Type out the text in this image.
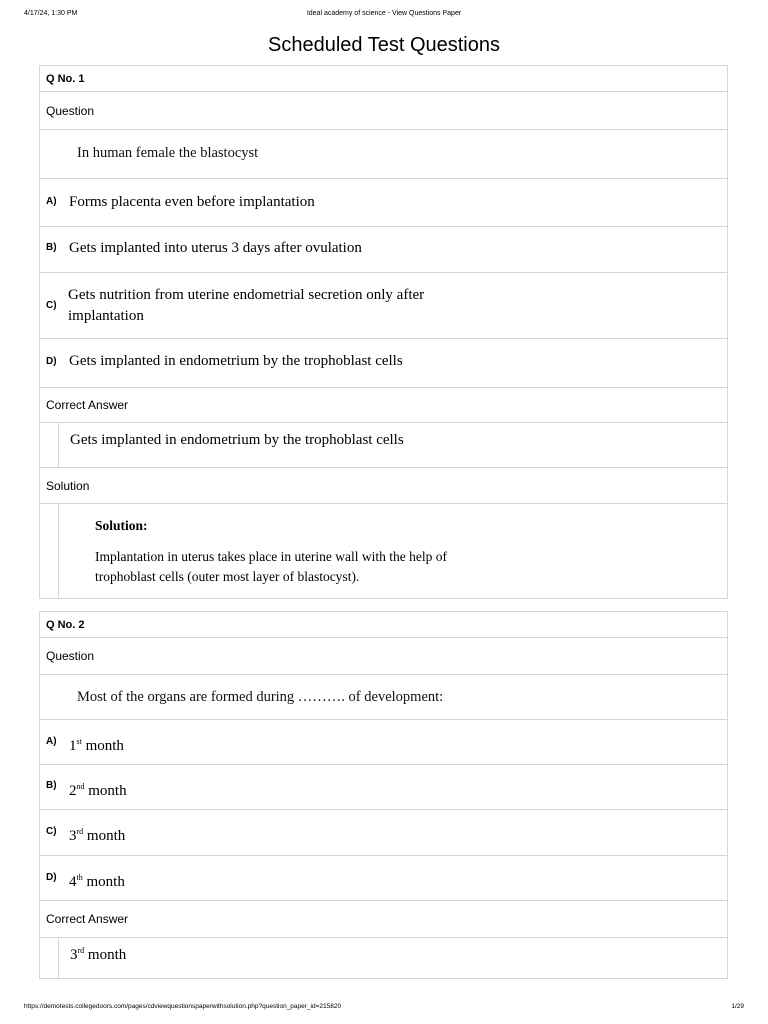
4/17/24, 1:30 PM	Ideal academy of science - View Questions Paper
Scheduled Test Questions
Q No. 1
Question
In human female the blastocyst
A) Forms placenta even before implantation
B) Gets implanted into uterus 3 days after ovulation
C)
Gets nutrition from uterine endometrial secretion only after
implantation
D) Gets implanted in endometrium by the trophoblast cells
Correct Answer
Gets implanted in endometrium by the trophoblast cells
Solution
Solution:
Implantation in uterus takes place in uterine wall with the help of
trophoblast cells (outer most layer of blastocyst).
Q No. 2
Question
Most of the organs are formed during ………. of development:
A) 1st month
B) 2nd month
C) 3rd month
D) 4th month
Correct Answer
3rd month
https://demotests.collegedoors.com/pages/cdviewquestionspaperwithsolution.php?question_paper_id=215820	1/29
